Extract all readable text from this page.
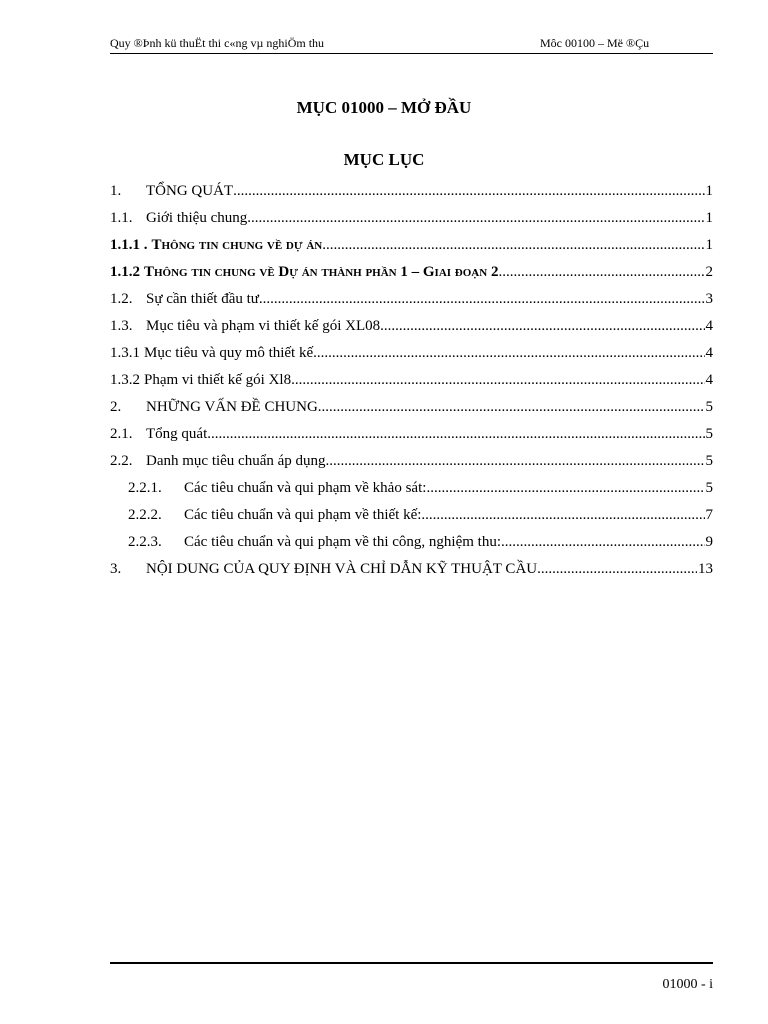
Quy ®Þnh kü thuËt thi c«ng vµ nghiÖm thu	Môc 00100 – Më ®Çu
MỤC 01000 – MỞ ĐẦU
MỤC LỤC
1.	TỔNG QUÁT .....	1
1.1. Giới thiệu chung .....	1
1.1.1 . Thông tin chung về dự án .....	1
1.1.2 Thông tin chung về Dự án thành phần 1 – Giai đoạn 2 .....	2
1.2. Sự cần thiết đầu tư .....	3
1.3. Mục tiêu và phạm vi thiết kế gói XL08 .....	4
1.3.1 Mục tiêu và quy mô thiết kế .....	4
1.3.2 Phạm vi thiết kế gói Xl8 .....	4
2.	NHỮNG VẤN ĐỀ CHUNG .....	5
2.1. Tổng quát .....	5
2.2. Danh mục tiêu chuẩn áp dụng .....	5
2.2.1.	Các tiêu chuẩn và qui phạm về khảo sát: .....	5
2.2.2.	Các tiêu chuẩn và qui phạm về thiết kế: .....	7
2.2.3.	Các tiêu chuẩn và qui phạm về thi công, nghiệm thu: .....	9
3.	NỘI DUNG CỦA QUY ĐỊNH VÀ CHỈ DẪN KỸ THUẬT CẦU .....	13
01000 - i
